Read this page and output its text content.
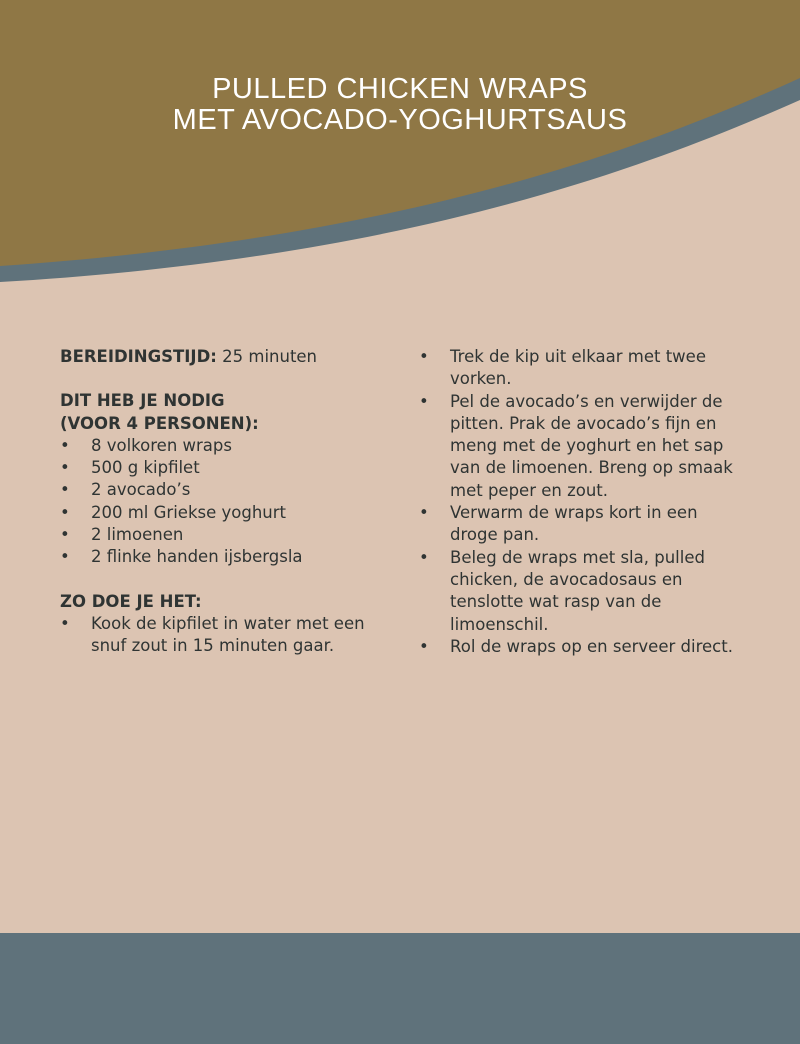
PULLED CHICKEN WRAPS
MET AVOCADO-YOGHURTSAUS
BEREIDINGSTIJD: 25 minuten
DIT HEB JE NODIG
(VOOR 4 PERSONEN):
• 8 volkoren wraps
• 500 g kipfilet
• 2 avocado’s
• 200 ml Griekse yoghurt
• 2 limoenen
• 2 flinke handen ijsbergsla
ZO DOE JE HET:
• Kook de kipfilet in water met een snuf zout in 15 minuten gaar.
• Trek de kip uit elkaar met twee vorken.
• Pel de avocado’s en verwijder de pitten. Prak de avocado’s fijn en meng met de yoghurt en het sap van de limoenen. Breng op smaak met peper en zout.
• Verwarm de wraps kort in een droge pan.
• Beleg de wraps met sla, pulled chicken, de avocadosaus en tenslotte wat rasp van de limoenschil.
• Rol de wraps op en serveer direct.
